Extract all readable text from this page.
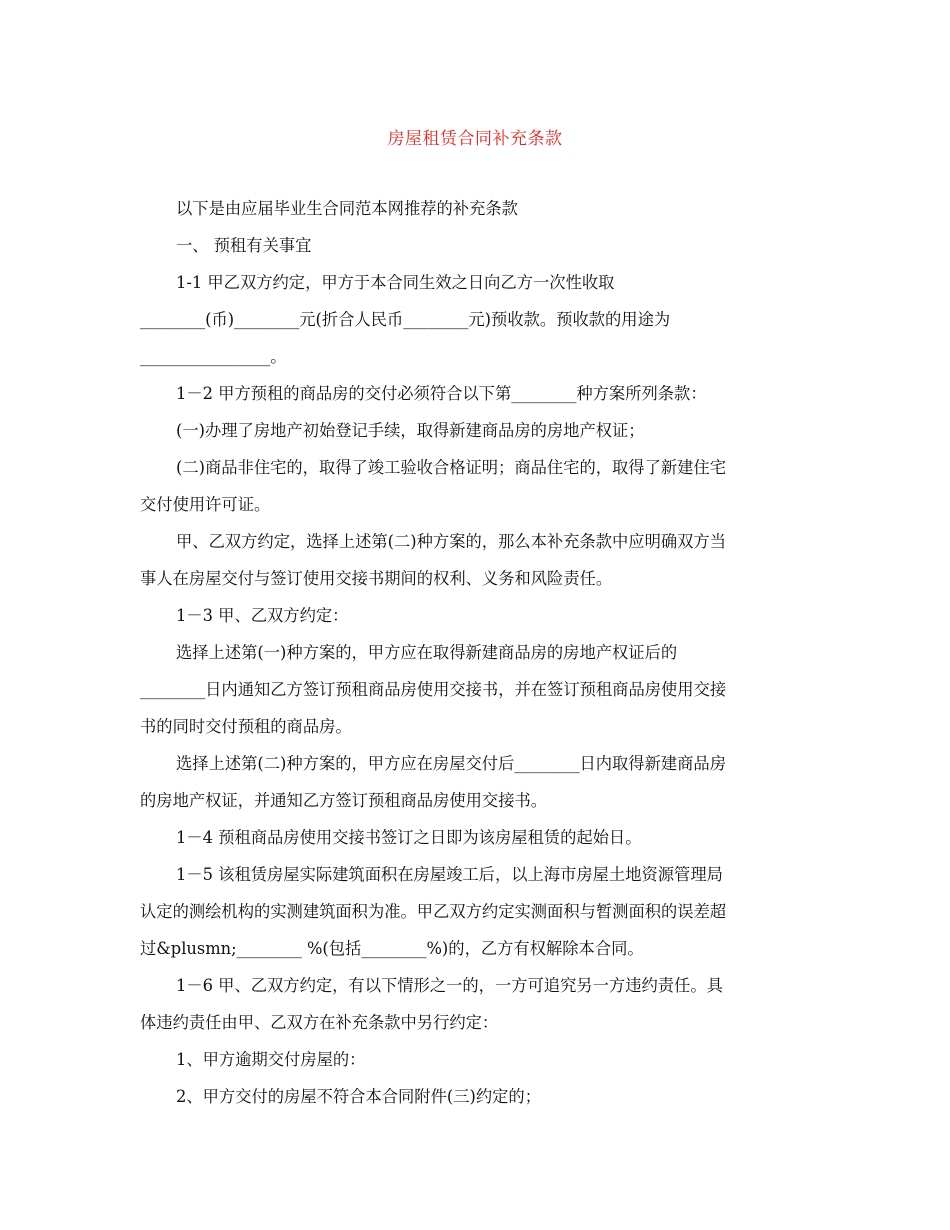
房屋租赁合同补充条款
以下是由应届毕业生合同范本网推荐的补充条款
一、 预租有关事宜
1-1 甲乙双方约定，甲方于本合同生效之日向乙方一次性收取
________(币)________元(折合人民币________元)预收款。预收款的用途为
________________。
1－2 甲方预租的商品房的交付必须符合以下第________种方案所列条款：
(一)办理了房地产初始登记手续，取得新建商品房的房地产权证；
(二)商品非住宅的，取得了竣工验收合格证明；商品住宅的，取得了新建住宅
交付使用许可证。
甲、乙双方约定，选择上述第(二)种方案的，那么本补充条款中应明确双方当
事人在房屋交付与签订使用交接书期间的权利、义务和风险责任。
1－3 甲、乙双方约定：
选择上述第(一)种方案的，甲方应在取得新建商品房的房地产权证后的
________日内通知乙方签订预租商品房使用交接书，并在签订预租商品房使用交接
书的同时交付预租的商品房。
选择上述第(二)种方案的，甲方应在房屋交付后________日内取得新建商品房
的房地产权证，并通知乙方签订预租商品房使用交接书。
1－4 预租商品房使用交接书签订之日即为该房屋租赁的起始日。
1－5 该租赁房屋实际建筑面积在房屋竣工后，以上海市房屋土地资源管理局
认定的测绘机构的实测建筑面积为准。甲乙双方约定实测面积与暂测面积的误差超
过&plusmn;________ %(包括________%)的，乙方有权解除本合同。
1－6 甲、乙双方约定，有以下情形之一的，一方可追究另一方违约责任。具
体违约责任由甲、乙双方在补充条款中另行约定：
1、甲方逾期交付房屋的：
2、甲方交付的房屋不符合本合同附件(三)约定的；
